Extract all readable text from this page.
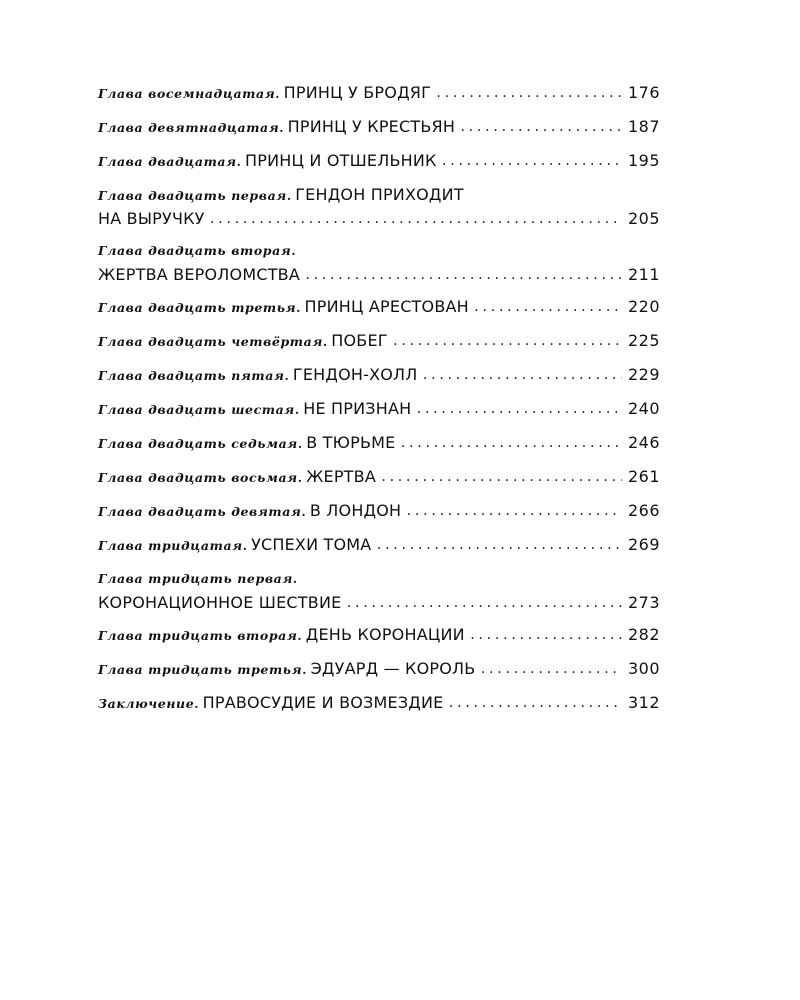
Глава восемнадцатая . ПРИНЦ У БРОДЯГ .....	176
Глава девятнадцатая . ПРИНЦ У КРЕСТЬЯН .....	187
Глава двадцатая . ПРИНЦ И ОТШЕЛЬНИК .....	195
Глава двадцать первая . ГЕНДОН ПРИХОДИТ
НА ВЫРУЧКУ .....	205
Глава двадцать вторая .
ЖЕРТВА ВЕРОЛОМСТВА .....	211
Глава двадцать третья . ПРИНЦ АРЕСТОВАН .....	220
Глава двадцать четвёртая . ПОБЕГ .....	225
Глава двадцать пятая . ГЕНДОН-ХОЛЛ .....	229
Глава двадцать шестая . НЕ ПРИЗНАН .....	240
Глава двадцать седьмая . В ТЮРЬМЕ .....	246
Глава двадцать восьмая . ЖЕРТВА .....	261
Глава двадцать девятая . В ЛОНДОН .....	266
Глава тридцатая . УСПЕХИ ТОМА .....	269
Глава тридцать первая .
КОРОНАЦИОННОЕ ШЕСТВИЕ .....	273
Глава тридцать вторая . ДЕНЬ КОРОНАЦИИ .....	282
Глава тридцать третья . ЭДУАРД — КОРОЛЬ .....	300
Заключение . ПРАВОСУДИЕ И ВОЗМЕЗДИЕ .....	312
